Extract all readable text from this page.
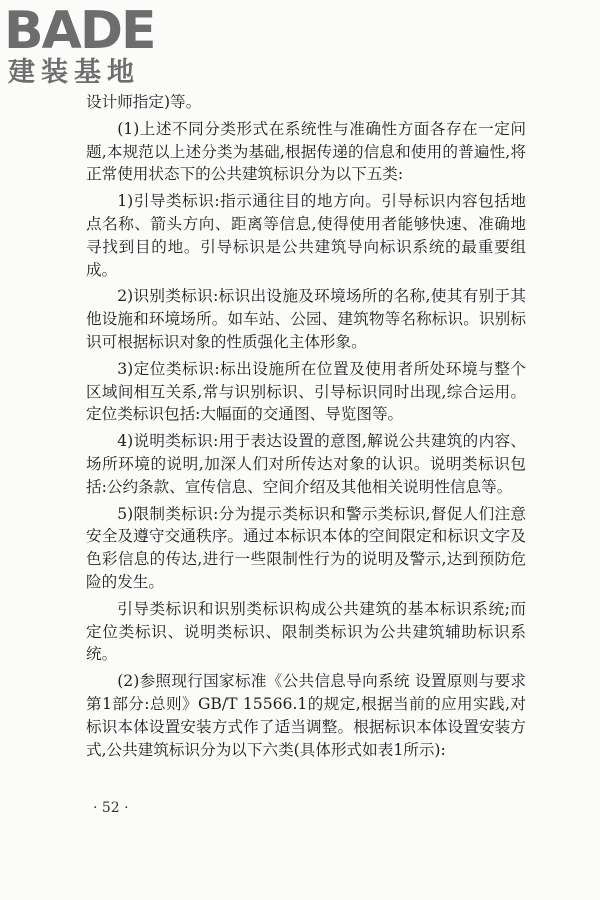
BADE
建装基地

设计师指定)等。

(1)上述不同分类形式在系统性与准确性方面各存在一定问题,本规范以上述分类为基础,根据传递的信息和使用的普遍性,将正常使用状态下的公共建筑标识分为以下五类:

1)引导类标识:指示通往目的地方向。引导标识内容包括地点名称、箭头方向、距离等信息,使得使用者能够快速、准确地寻找到目的地。引导标识是公共建筑导向标识系统的最重要组成。

2)识别类标识:标识出设施及环境场所的名称,使其有别于其他设施和环境场所。如车站、公园、建筑物等名称标识。识别标识可根据标识对象的性质强化主体形象。

3)定位类标识:标出设施所在位置及使用者所处环境与整个区域间相互关系,常与识别标识、引导标识同时出现,综合运用。定位类标识包括:大幅面的交通图、导览图等。

4)说明类标识:用于表达设置的意图,解说公共建筑的内容、场所环境的说明,加深人们对所传达对象的认识。说明类标识包括:公约条款、宣传信息、空间介绍及其他相关说明性信息等。

5)限制类标识:分为提示类标识和警示类标识,督促人们注意安全及遵守交通秩序。通过本标识本体的空间限定和标识文字及色彩信息的传达,进行一些限制性行为的说明及警示,达到预防危险的发生。

引导类标识和识别类标识构成公共建筑的基本标识系统;而定位类标识、说明类标识、限制类标识为公共建筑辅助标识系统。

(2)参照现行国家标准《公共信息导向系统 设置原则与要求 第1部分:总则》GB/T 15566.1的规定,根据当前的应用实践,对标识本体设置安装方式作了适当调整。根据标识本体设置安装方式,公共建筑标识分为以下六类(具体形式如表1所示):

· 52 ·
